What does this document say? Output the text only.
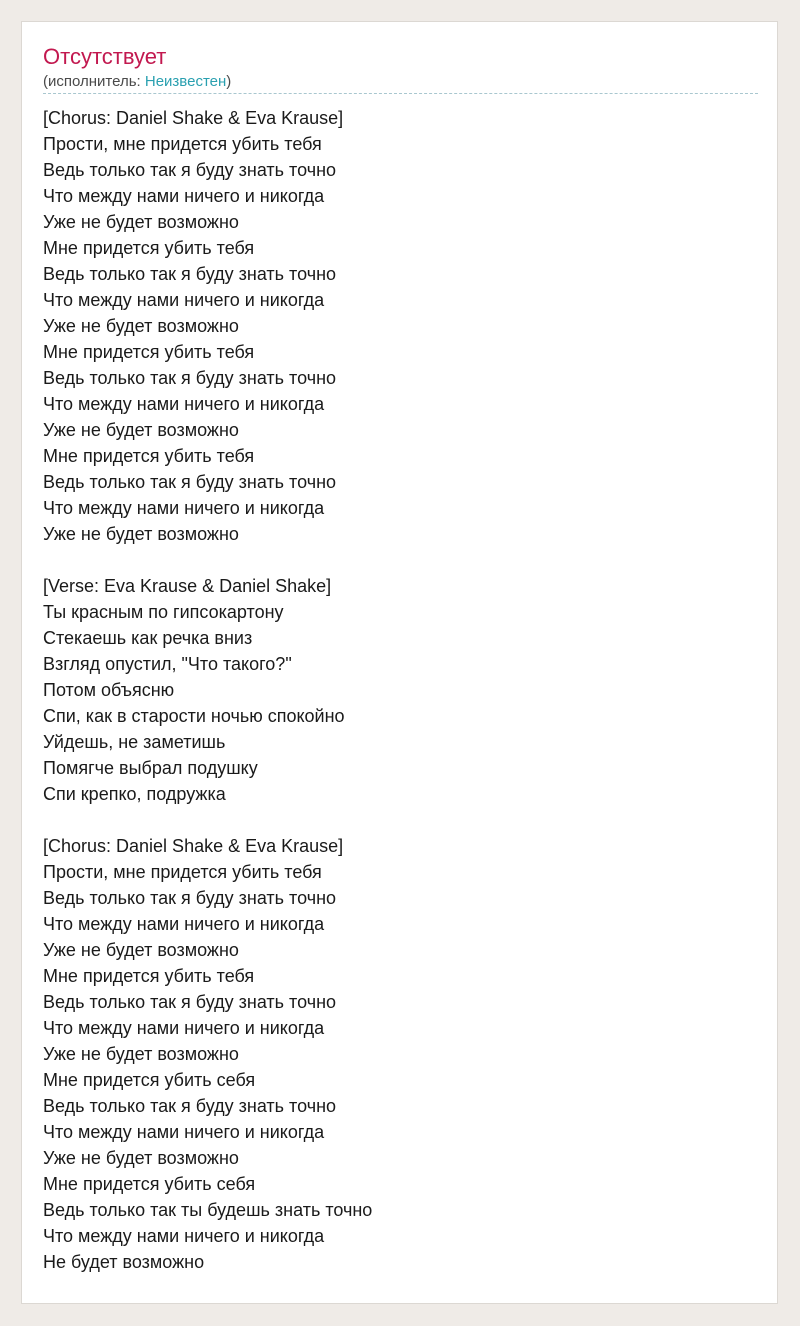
Отсутствует
(исполнитель: Неизвестен)
[Chorus: Daniel Shake & Eva Krause]
Прости, мне придется убить тебя
Ведь только так я буду знать точно
Что между нами ничего и никогда
Уже не будет возможно
Мне придется убить тебя
Ведь только так я буду знать точно
Что между нами ничего и никогда
Уже не будет возможно
Мне придется убить тебя
Ведь только так я буду знать точно
Что между нами ничего и никогда
Уже не будет возможно
Мне придется убить тебя
Ведь только так я буду знать точно
Что между нами ничего и никогда
Уже не будет возможно
[Verse: Eva Krause & Daniel Shake]
Ты красным по гипсокартону
Стекаешь как речка вниз
Взгляд опустил, "Что такого?"
Потом объясню
Спи, как в старости ночью спокойно
Уйдешь, не заметишь
Помягче выбрал подушку
Спи крепко, подружка
[Chorus: Daniel Shake & Eva Krause]
Прости, мне придется убить тебя
Ведь только так я буду знать точно
Что между нами ничего и никогда
Уже не будет возможно
Мне придется убить тебя
Ведь только так я буду знать точно
Что между нами ничего и никогда
Уже не будет возможно
Мне придется убить себя
Ведь только так я буду знать точно
Что между нами ничего и никогда
Уже не будет возможно
Мне придется убить себя
Ведь только так ты будешь знать точно
Что между нами ничего и никогда
Не будет возможно
